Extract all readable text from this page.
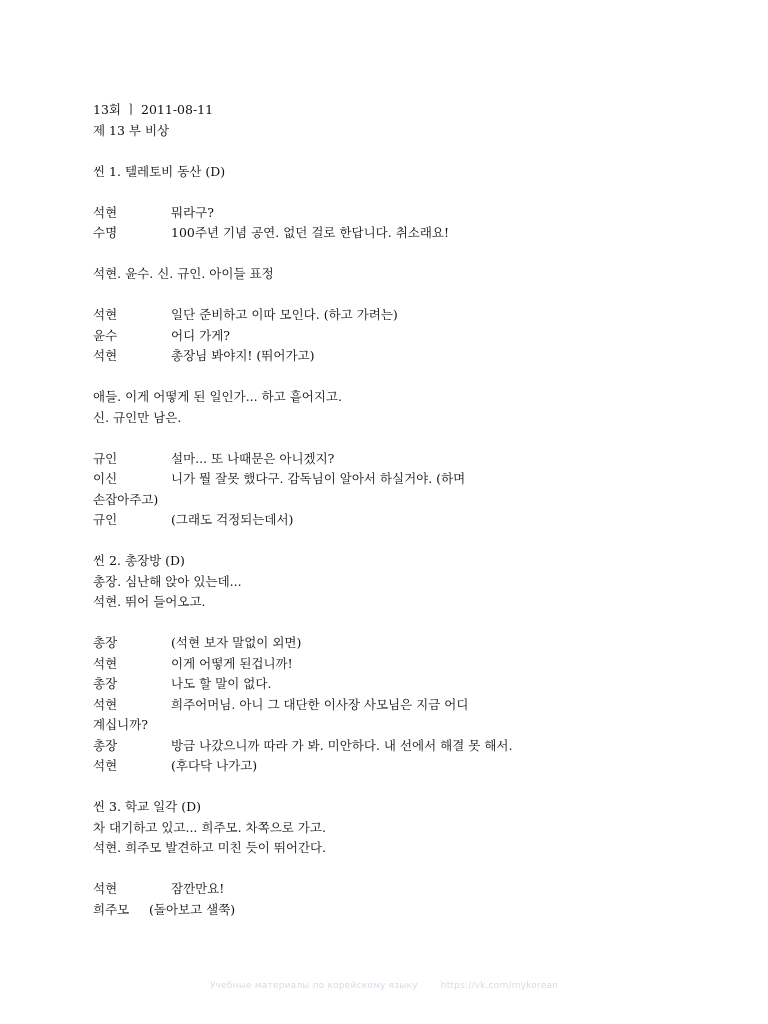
13회 ㅣ 2011-08-11
제 13 부 비상
씬 1. 텔레토비 동산 (D)
석현	뭐라구?
수명	100주년 기념 공연. 없던 걸로 한답니다. 취소래요!
석현. 윤수. 신. 규인. 아이들 표정
석현	일단 준비하고 이따 모인다. (하고 가려는)
윤수	어디 가게?
석현	총장님 봐야지! (뛰어가고)
애들. 이게 어떻게 된 일인가... 하고 흩어지고.
신. 규인만 남은.
규인	설마... 또 나때문은 아니겠지?
이신	니가 뭘 잘못 했다구. 감독님이 알아서 하실거야. (하며 손잡아주고)
규인	(그래도 걱정되는데서)
씬 2. 총장방 (D)
총장. 심난해 앉아 있는데...
석현. 뛰어 들어오고.
총장	(석현 보자 말없이 외면)
석현	이게 어떻게 된겁니까!
총장	나도 할 말이 없다.
석현	희주어머님. 아니 그 대단한 이사장 사모님은 지금 어디 계십니까?
총장	방금 나갔으니까 따라 가 봐. 미안하다. 내 선에서 해결 못 해서.
석현	(후다닥 나가고)
씬 3. 학교 일각 (D)
차 대기하고 있고... 희주모. 차쪽으로 가고.
석현. 희주모 발견하고 미친 듯이 뛰어간다.
석현	잠깐만요!
희주모	(돌아보고 샐쭉)
Учебные материалы по корейскому языку	https://vk.com/mykorean
